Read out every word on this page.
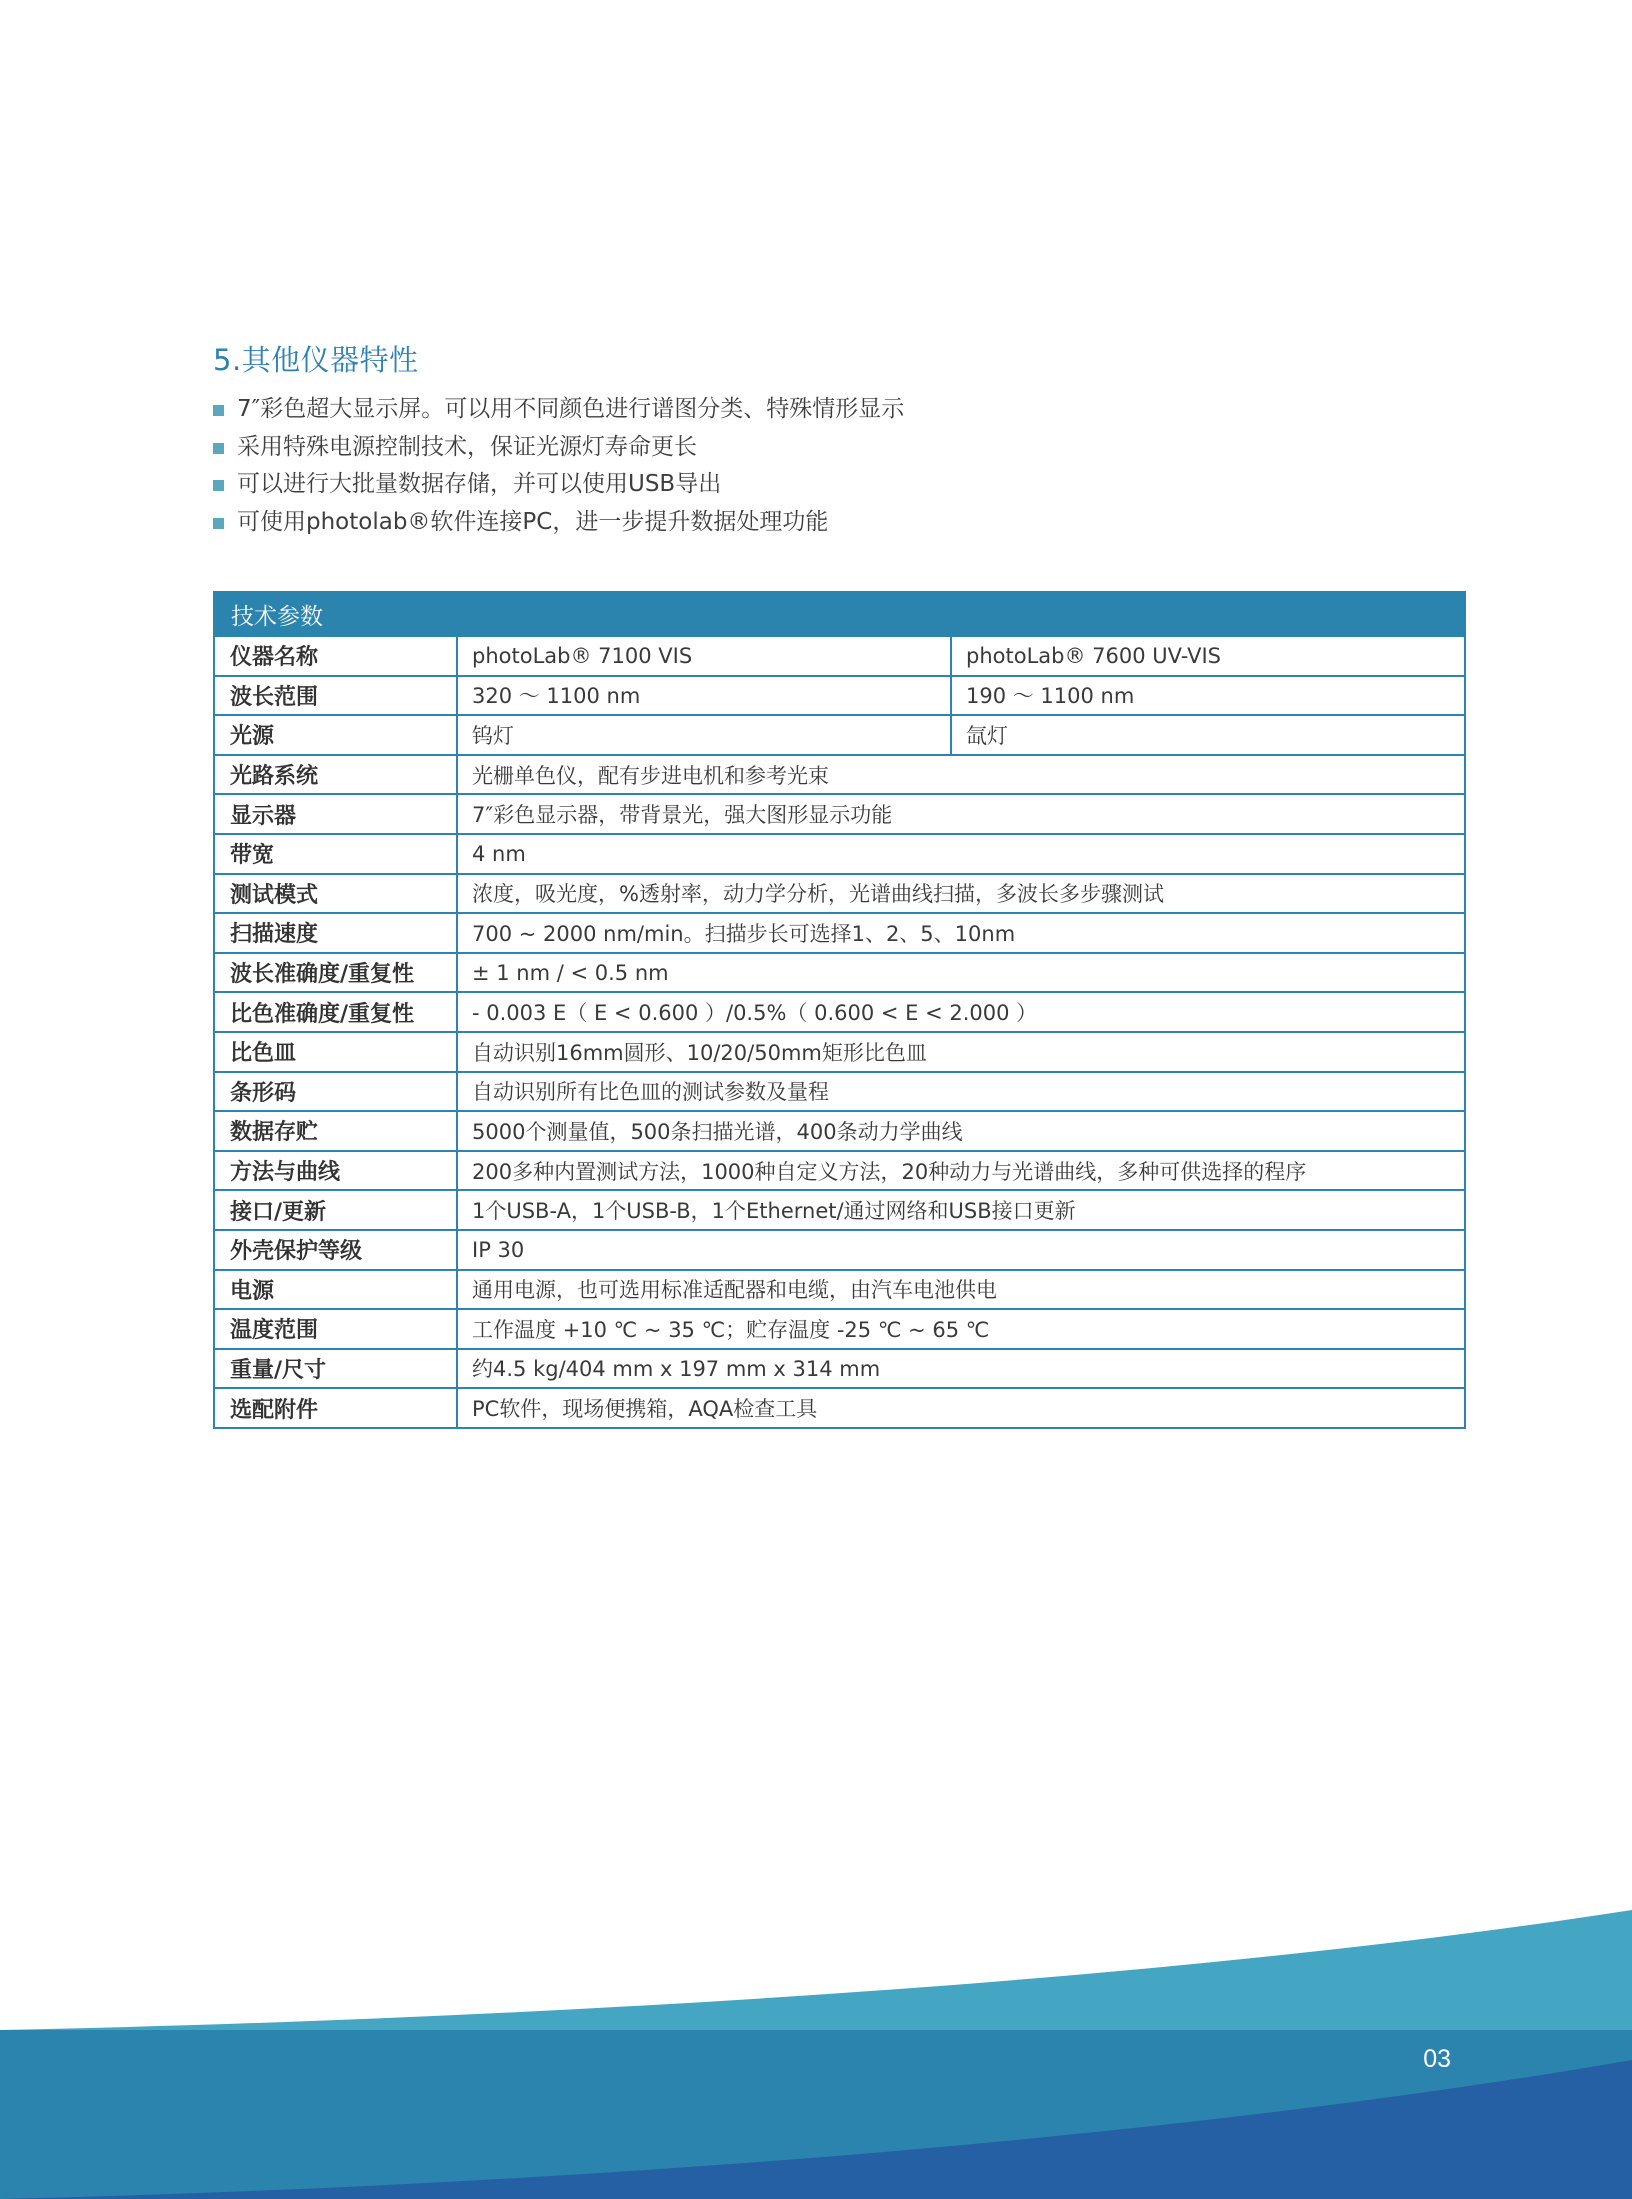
5.其他仪器特性
7″彩色超大显示屏。可以用不同颜色进行谱图分类、特殊情形显示
采用特殊电源控制技术，保证光源灯寿命更长
可以进行大批量数据存储，并可以使用USB导出
可使用photolab®软件连接PC，进一步提升数据处理功能
技术参数		
仪器名称	photoLab® 7100 VIS	photoLab® 7600 UV-VIS
波长范围	320 ～ 1100 nm	190 ～ 1100 nm
光源	钨灯	氙灯
光路系统	光栅单色仪，配有步进电机和参考光束	
显示器	7″彩色显示器，带背景光，强大图形显示功能	
带宽	4 nm	
测试模式	浓度，吸光度，%透射率，动力学分析，光谱曲线扫描，多波长多步骤测试	
扫描速度	700 ~ 2000 nm/min。扫描步长可选择1、2、5、10nm	
波长准确度/重复性	± 1 nm / < 0.5 nm	
比色准确度/重复性	- 0.003 E（ E < 0.600 ）/0.5%（ 0.600 < E < 2.000 ）	
比色皿	自动识别16mm圆形、10/20/50mm矩形比色皿	
条形码	自动识别所有比色皿的测试参数及量程	
数据存贮	5000个测量值，500条扫描光谱，400条动力学曲线	
方法与曲线	200多种内置测试方法，1000种自定义方法，20种动力与光谱曲线，多种可供选择的程序	
接口/更新	1个USB-A，1个USB-B，1个Ethernet/通过网络和USB接口更新	
外壳保护等级	IP 30	
电源	通用电源，也可选用标准适配器和电缆，由汽车电池供电	
温度范围	工作温度 +10 ℃ ~ 35 ℃；贮存温度 -25 ℃ ~ 65 ℃	
重量/尺寸	约4.5 kg/404 mm x 197 mm x 314 mm	
选配附件	PC软件，现场便携箱，AQA检查工具	
03
